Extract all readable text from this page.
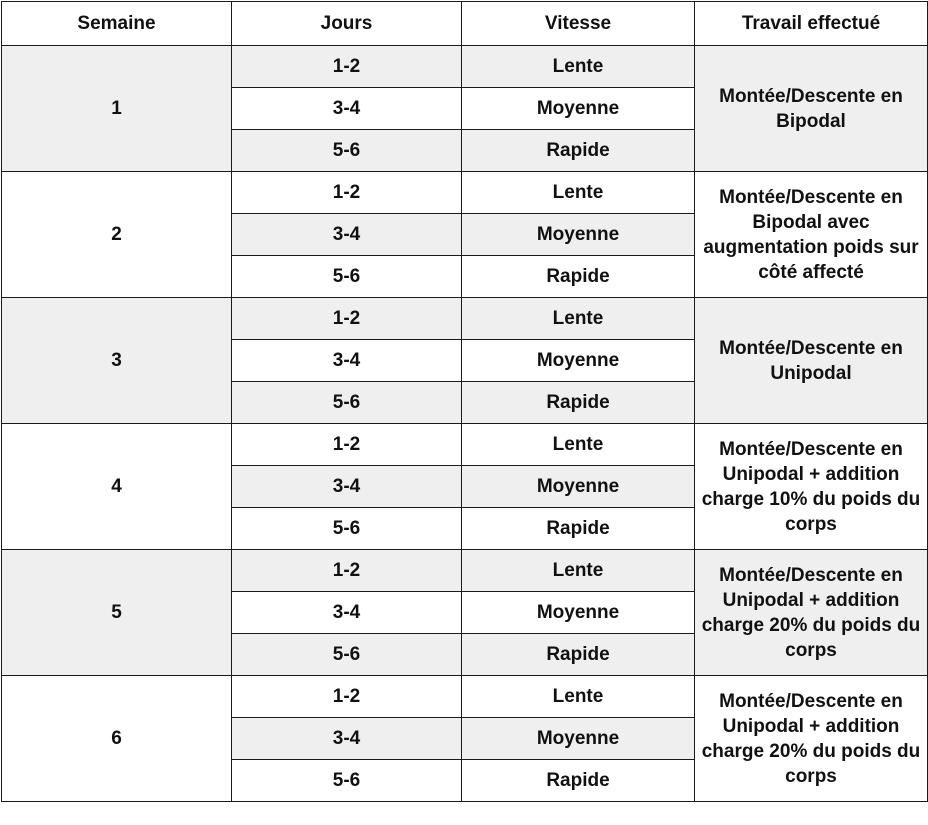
Semaine	Jours	Vitesse	Travail effectué
1	1-2	Lente	Montée/Descente en Bipodal
	3-4	Moyenne	
	5-6	Rapide	
2	1-2	Lente	Montée/Descente en Bipodal avec augmentation poids sur côté affecté
	3-4	Moyenne	
	5-6	Rapide	
3	1-2	Lente	Montée/Descente en Unipodal
	3-4	Moyenne	
	5-6	Rapide	
4	1-2	Lente	Montée/Descente en Unipodal + addition charge 10% du poids du corps
	3-4	Moyenne	
	5-6	Rapide	
5	1-2	Lente	Montée/Descente en Unipodal + addition charge 20% du poids du corps
	3-4	Moyenne	
	5-6	Rapide	
6	1-2	Lente	Montée/Descente en Unipodal + addition charge 20% du poids du corps
	3-4	Moyenne	
	5-6	Rapide	
